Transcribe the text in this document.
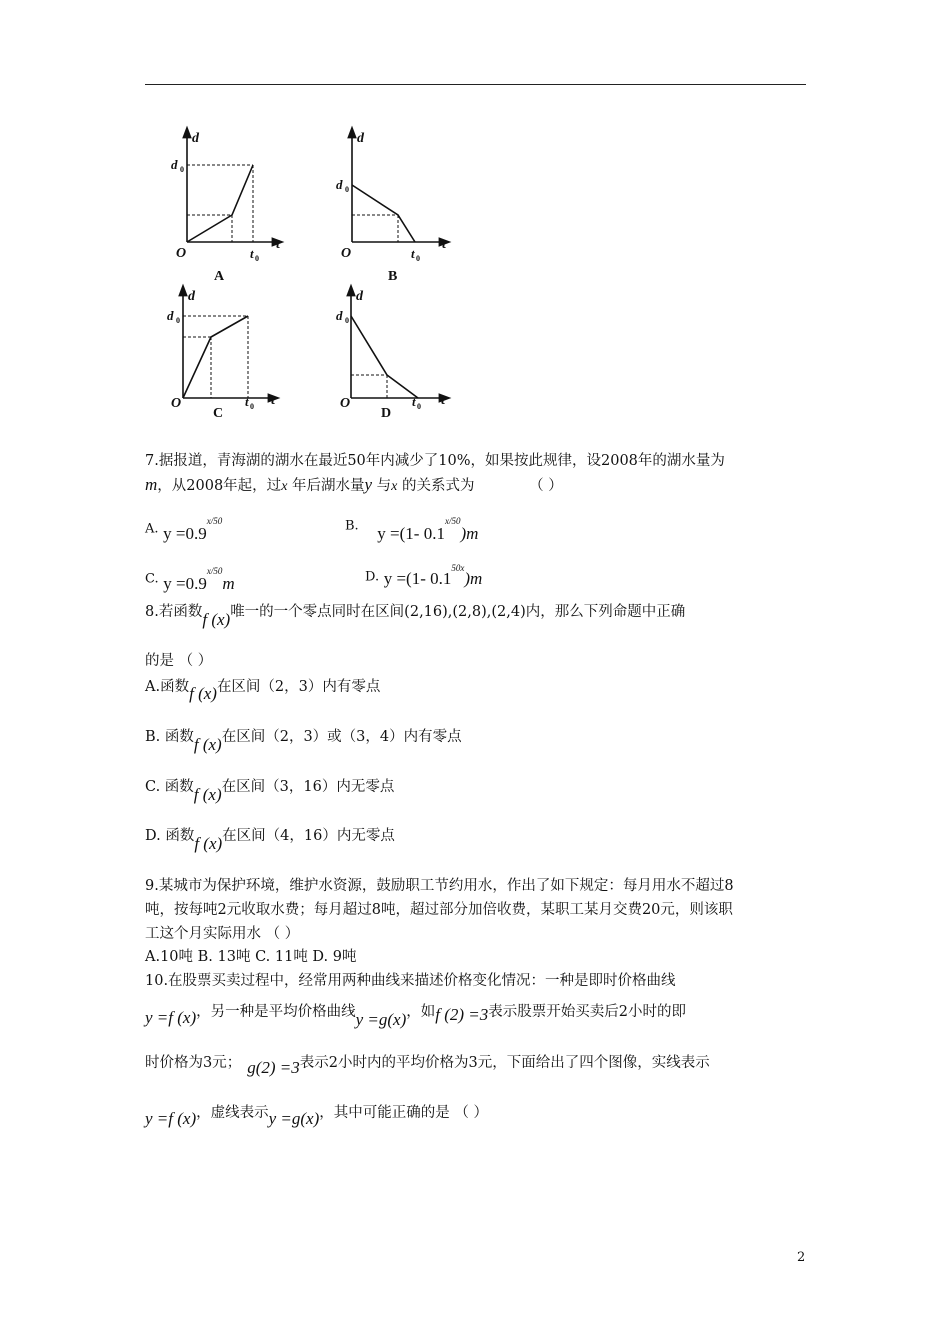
d
d 0
O	t 0
t
A
d
d 0
O	t 0
t
B
d
d 0
O	t 0 t
C
d
d 0
O	t 0 t
D
7.据报道，青海湖的湖水在最近50年内减少了10%，如果按此规律，设2008年的湖水量为
m，从2008年起，过x 年后湖水量y 与x 的关系式为	（ ）
A. $y =0.9^{x/50}$	B. y =(1- $0.1^{x/50})m$
C. $y =0.9^{x/50}m$	D. y =(1- $0.1^{50x})m$
8.若函数f (x)唯一的一个零点同时在区间(2,16),(2,8),(2,4)内，那么下列命题中正确
的是 （ ）
A.函数f (x)在区间（2，3）内有零点
B. 函数f (x)在区间（2，3）或（3，4）内有零点
C. 函数f (x)在区间（3，16）内无零点
D. 函数f (x)在区间（4，16）内无零点
9.某城市为保护环境，维护水资源，鼓励职工节约用水，作出了如下规定：每月用水不超过8
吨，按每吨2元收取水费；每月超过8吨，超过部分加倍收费，某职工某月交费20元，则该职
工这个月实际用水 （ ）
A.10吨 B. 13吨 C. 11吨 D. 9吨
10.在股票买卖过程中，经常用两种曲线来描述价格变化情况：一种是即时价格曲线
y =f (x)，另一种是平均价格曲线y =g(x)，如f (2) =3表示股票开始买卖后2小时的即
时价格为3元； g(2) =3表示2小时内的平均价格为3元，下面给出了四个图像，实线表示
y =f (x)，虚线表示y =g(x)，其中可能正确的是 （ ）
2
